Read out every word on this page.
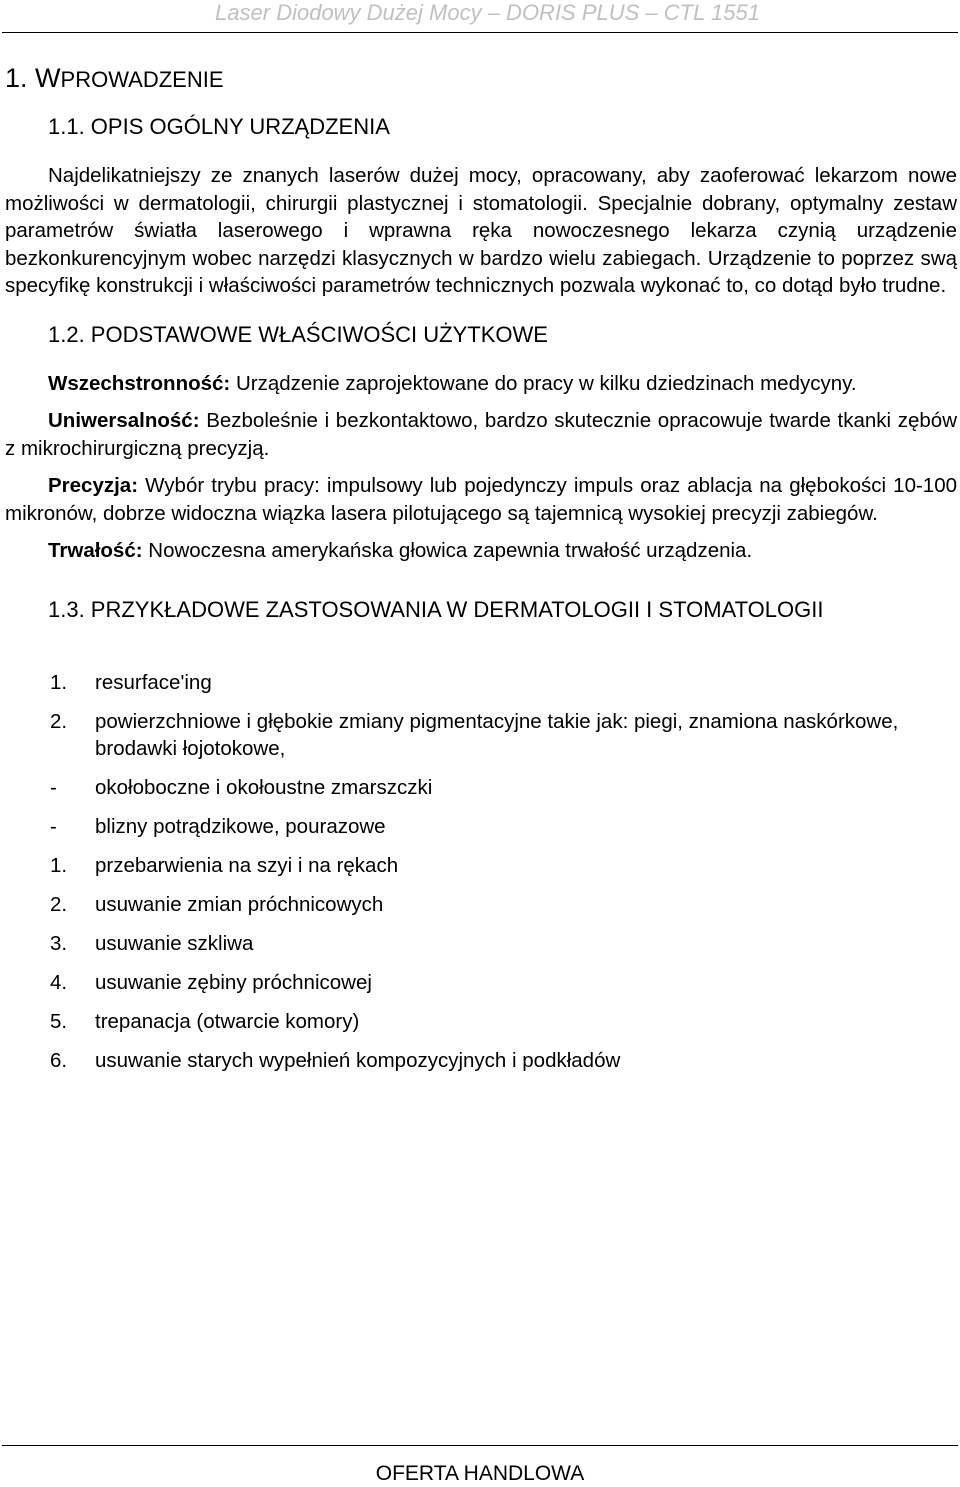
Laser Diodowy Dużej Mocy – DORIS PLUS – CTL 1551
1. WPROWADZENIE
1.1. OPIS OGÓLNY URZĄDZENIA

Najdelikatniejszy ze znanych laserów dużej mocy, opracowany, aby zaoferować lekarzom nowe możliwości w dermatologii, chirurgii plastycznej i stomatologii. Specjalnie dobrany, optymalny zestaw parametrów światła laserowego i wprawna ręka nowoczesnego lekarza czynią urządzenie bezkonkurencyjnym wobec narzędzi klasycznych w bardzo wielu zabiegach. Urządzenie to poprzez swą specyfikę konstrukcji i właściwości parametrów technicznych pozwala wykonać to, co dotąd było trudne.

1.2. PODSTAWOWE WŁAŚCIWOŚCI UŻYTKOWE

Wszechstronność: Urządzenie zaprojektowane do pracy w kilku dziedzinach medycyny.

Uniwersalność: Bezboleśnie i bezkontaktowo, bardzo skutecznie opracowuje twarde tkanki zębów z mikrochirurgiczną precyzją.

Precyzja: Wybór trybu pracy: impulsowy lub pojedynczy impuls oraz ablacja na głębokości 10-100 mikronów, dobrze widoczna wiązka lasera pilotującego są tajemnicą wysokiej precyzji zabiegów.

Trwałość: Nowoczesna amerykańska głowica zapewnia trwałość urządzenia.

1.3. PRZYKŁADOWE ZASTOSOWANIA W DERMATOLOGII I STOMATOLOGII
1. resurface'ing
2. powierzchniowe i głębokie zmiany pigmentacyjne takie jak: piegi, znamiona naskórkowe, brodawki łojotokowe,
- okołoboczne i okołoustne zmarszczki
- blizny potrądzikowe, pourazowe
1. przebarwienia na szyi i na rękach
2. usuwanie zmian próchnicowych
3. usuwanie szkliwa
4. usuwanie zębiny próchnicowej
5. trepanacja (otwarcie komory)
6. usuwanie starych wypełnień kompozycyjnych i podkładów
OFERTA HANDLOWA
